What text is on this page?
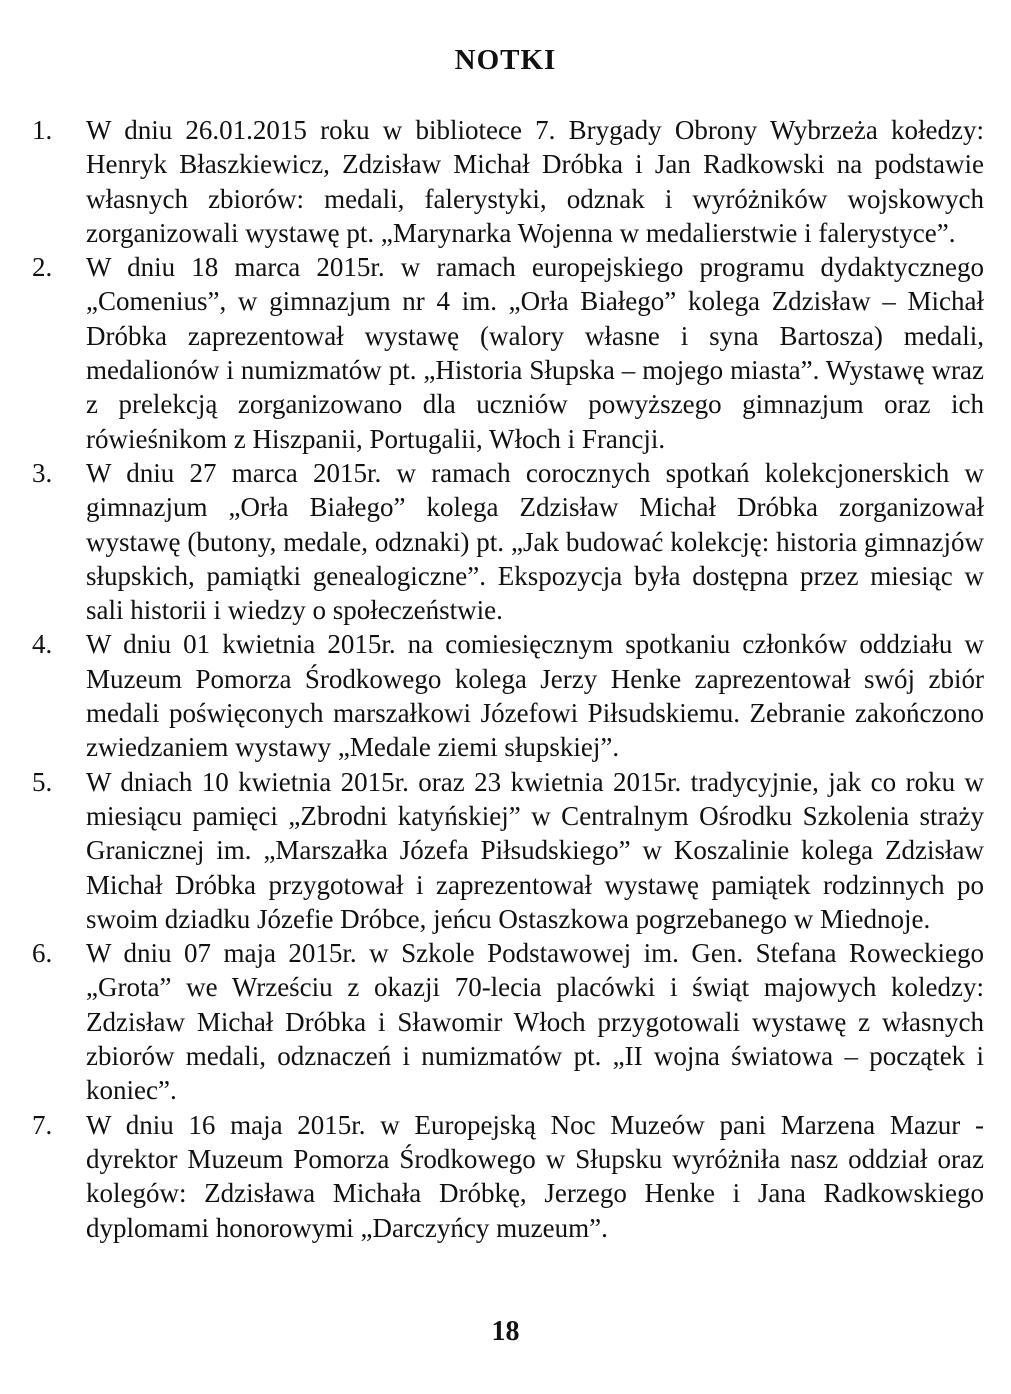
NOTKI
1.	W dniu 26.01.2015 roku w bibliotece 7. Brygady Obrony Wybrzeża kołedzy: Henryk Błaszkiewicz, Zdzisław Michał Dróbka i Jan Radkowski na podstawie własnych zbiorów: medali, falerystyki, odznak i wyróżników wojskowych zorganizowali wystawę pt. „Marynarka Wojenna w medalierstwie i falerystyce”.
2.	W dniu 18 marca 2015r. w ramach europejskiego programu dydaktycznego „Comenius”, w gimnazjum nr 4 im. „Orła Białego” kolega Zdzisław – Michał Dróbka zaprezentował wystawę (walory własne i syna Bartosza) medali, medalionów i numizmatów pt. „Historia Słupska – mojego miasta”. Wystawę wraz z prelekcją zorganizowano dla uczniów powyższego gimnazjum oraz ich rówieśnikom z Hiszpanii, Portugalii, Włoch i Francji.
3.	W dniu 27 marca 2015r. w ramach corocznych spotkań kolekcjonerskich w gimnazjum „Orła Białego” kolega Zdzisław Michał Dróbka zorganizował wystawę (butony, medale, odznaki) pt. „Jak budować kolekcję: historia gimnazjów słupskich, pamiątki genealogiczne”. Ekspozycja była dostępna przez miesiąc w sali historii i wiedzy o społeczeństwie.
4.	W dniu 01 kwietnia 2015r. na comiesięcznym spotkaniu członków oddziału w Muzeum Pomorza Środkowego kolega Jerzy Henke zaprezentował swój zbiór medali poświęconych marszałkowi Józefowi Piłsudskiemu. Zebranie zakończono zwiedzaniem wystawy „Medale ziemi słupskiej”.
5.	W dniach 10 kwietnia 2015r. oraz 23 kwietnia 2015r. tradycyjnie, jak co roku w miesiącu pamięci „Zbrodni katyńskiej” w Centralnym Ośrodku Szkolenia straży Granicznej im. „Marszałka Józefa Piłsudskiego” w Koszalinie kolega Zdzisław Michał Dróbka przygotował i zaprezentował wystawę pamiątek rodzinnych po swoim dziadku Józefie Dróbce, jeńcu Ostaszkowa pogrzebanego w Miednoje.
6.	W dniu 07 maja 2015r. w Szkole Podstawowej im. Gen. Stefana Roweckiego „Grota” we Wrześciu z okazji 70-lecia placówki i świąt majowych koledzy: Zdzisław Michał Dróbka i Sławomir Włoch przygotowali wystawę z własnych zbiorów medali, odznaczeń i numizmatów pt. „II wojna światowa – początek i koniec”.
7.	W dniu 16 maja 2015r. w Europejską Noc Muzeów pani Marzena Mazur - dyrektor Muzeum Pomorza Środkowego w Słupsku wyróżniła nasz oddział oraz kolegów: Zdzisława Michała Dróbkę, Jerzego Henke i Jana Radkowskiego dyplomami honorowymi „Darczyńcy muzeum”.
18
